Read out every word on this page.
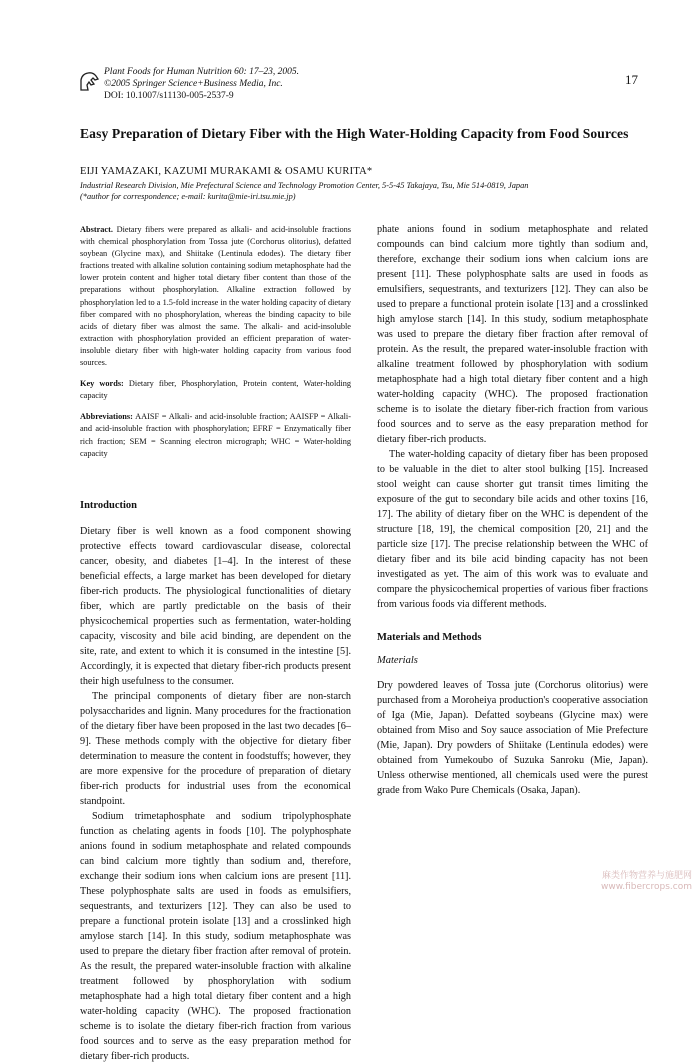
Plant Foods for Human Nutrition 60: 17–23, 2005.
©2005 Springer Science+Business Media, Inc.
DOI: 10.1007/s11130-005-2537-9
17
Easy Preparation of Dietary Fiber with the High Water-Holding Capacity from Food Sources
EIJI YAMAZAKI, KAZUMI MURAKAMI & OSAMU KURITA*
Industrial Research Division, Mie Prefectural Science and Technology Promotion Center, 5-5-45 Takajaya, Tsu, Mie 514-0819, Japan
(*author for correspondence; e-mail: kurita@mie-iri.tsu.mie.jp)

Abstract. Dietary fibers were prepared as alkali- and acid-insoluble fractions with chemical phosphorylation from Tossa jute (Corchorus olitorius), defatted soybean (Glycine max), and Shiitake (Lentinula edodes). The dietary fiber fractions treated with alkaline solution containing sodium metaphosphate had the lower protein content and higher total dietary fiber content than those of the preparations without phosphorylation. Alkaline extraction followed by phosphorylation led to a 1.5-fold increase in the water holding capacity of dietary fiber compared with no phosphorylation, whereas the binding capacity to bile acids of dietary fiber was almost the same. The alkali- and acid-insoluble extraction with phosphorylation provided an efficient preparation of water-insoluble dietary fiber with high-water holding capacity from various food sources.

Key words: Dietary fiber, Phosphorylation, Protein content, Water-holding capacity

Abbreviations: AAISF = Alkali- and acid-insoluble fraction; AAISFP = Alkali- and acid-insoluble fraction with phosphorylation; EFRF = Enzymatically fiber rich fraction; SEM = Scanning electron micrograph; WHC = Water-holding capacity

Introduction

Dietary fiber is well known as a food component showing protective effects toward cardiovascular disease, colorectal cancer, obesity, and diabetes [1–4]. In the interest of these beneficial effects, a large market has been developed for dietary fiber-rich products. The physiological functionalities of dietary fiber, which are partly predictable on the basis of their physicochemical properties such as fermentation, water-holding capacity, viscosity and bile acid binding, are dependent on the site, rate, and extent to which it is consumed in the intestine [5]. Accordingly, it is expected that dietary fiber-rich products present their high usefulness to the consumer.

The principal components of dietary fiber are non-starch polysaccharides and lignin. Many procedures for the fractionation of the dietary fiber have been proposed in the last two decades [6–9]. These methods comply with the objective for dietary fiber determination to measure the content in foodstuffs; however, they are more expensive for the procedure of preparation of dietary fiber-rich products for industrial uses from the economical standpoint.

Sodium trimetaphosphate and sodium tripolyphosphate function as chelating agents in foods [10]. The polyphosphate anions found in sodium metaphosphate and related compounds can bind calcium more tightly than sodium and, therefore, exchange their sodium ions when calcium ions are present [11]. These polyphosphate salts are used in foods as emulsifiers, sequestrants, and texturizers [12]. They can also be used to prepare a functional protein isolate [13] and a crosslinked high amylose starch [14]. In this study, sodium metaphosphate was used to prepare the dietary fiber fraction after removal of protein. As the result, the prepared water-insoluble fraction with alkaline treatment followed by phosphorylation with sodium metaphosphate had a high total dietary fiber content and a high water-holding capacity (WHC). The proposed fractionation scheme is to isolate the dietary fiber-rich fraction from various food sources and to serve as the easy preparation method for dietary fiber-rich products.

phate anions found in sodium metaphosphate and related compounds can bind calcium more tightly than sodium and, therefore, exchange their sodium ions when calcium ions are present [11]. These polyphosphate salts are used in foods as emulsifiers, sequestrants, and texturizers [12]. They can also be used to prepare a functional protein isolate [13] and a crosslinked high amylose starch [14]. In this study, sodium metaphosphate was used to prepare the dietary fiber fraction after removal of protein. As the result, the prepared water-insoluble fraction with alkaline treatment followed by phosphorylation with sodium metaphosphate had a high total dietary fiber content and a high water-holding capacity (WHC). The proposed fractionation scheme is to isolate the dietary fiber-rich fraction from various food sources and to serve as the easy preparation method for dietary fiber-rich products.

The water-holding capacity of dietary fiber has been proposed to be valuable in the diet to alter stool bulking [15]. Increased stool weight can cause shorter gut transit times limiting the exposure of the gut to secondary bile acids and other toxins [16, 17]. The ability of dietary fiber on the WHC is dependent of the structure [18, 19], the chemical composition [20, 21] and the particle size [17]. The precise relationship between the WHC of dietary fiber and its bile acid binding capacity has not been investigated as yet. The aim of this work was to evaluate and compare the physicochemical properties of various fiber fractions from various foods via different methods.

Materials and Methods

Materials

Dry powdered leaves of Tossa jute (Corchorus olitorius) were purchased from a Moroheiya production's cooperative association of Iga (Mie, Japan). Defatted soybeans (Glycine max) were obtained from Miso and Soy sauce association of Mie Prefecture (Mie, Japan). Dry powders of Shiitake (Lentinula edodes) were obtained from Yumekoubo of Suzuka Sanroku (Mie, Japan). Unless otherwise mentioned, all chemicals used were the purest grade from Wako Pure Chemicals (Osaka, Japan).

麻类作物营养与施肥网
www.fibercrops.com
